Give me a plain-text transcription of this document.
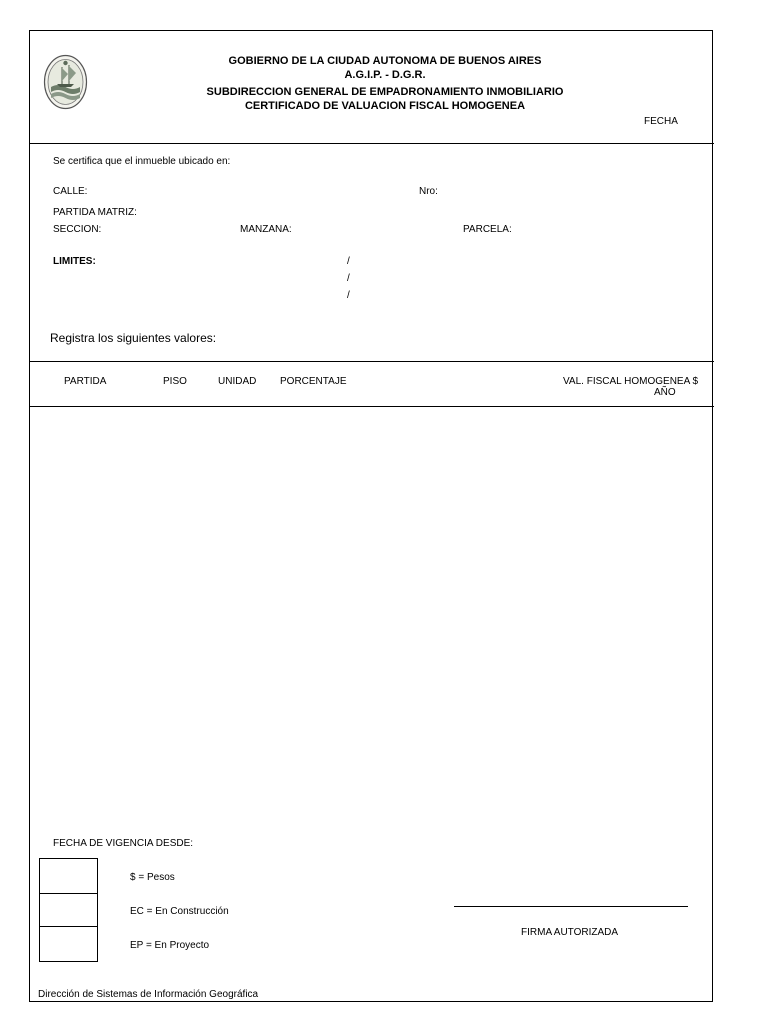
GOBIERNO DE LA CIUDAD AUTONOMA DE BUENOS AIRES
A.G.I.P. - D.G.R.
SUBDIRECCION GENERAL DE EMPADRONAMIENTO INMOBILIARIO
CERTIFICADO DE VALUACION FISCAL HOMOGENEA
FECHA
Se certifica que el inmueble ubicado en:
CALLE:	Nro:
PARTIDA MATRIZ:
SECCION:	MANZANA:	PARCELA:
LIMITES:	/
/
/
Registra los siguientes valores:
PARTIDA	PISO	UNIDAD PORCENTAJE	VAL. FISCAL HOMOGENEA $
AÑO
FECHA DE VIGENCIA DESDE:
$ = Pesos
EC = En Construcción
EP = En Proyecto
FIRMA AUTORIZADA
Dirección de Sistemas de Información Geográfica
